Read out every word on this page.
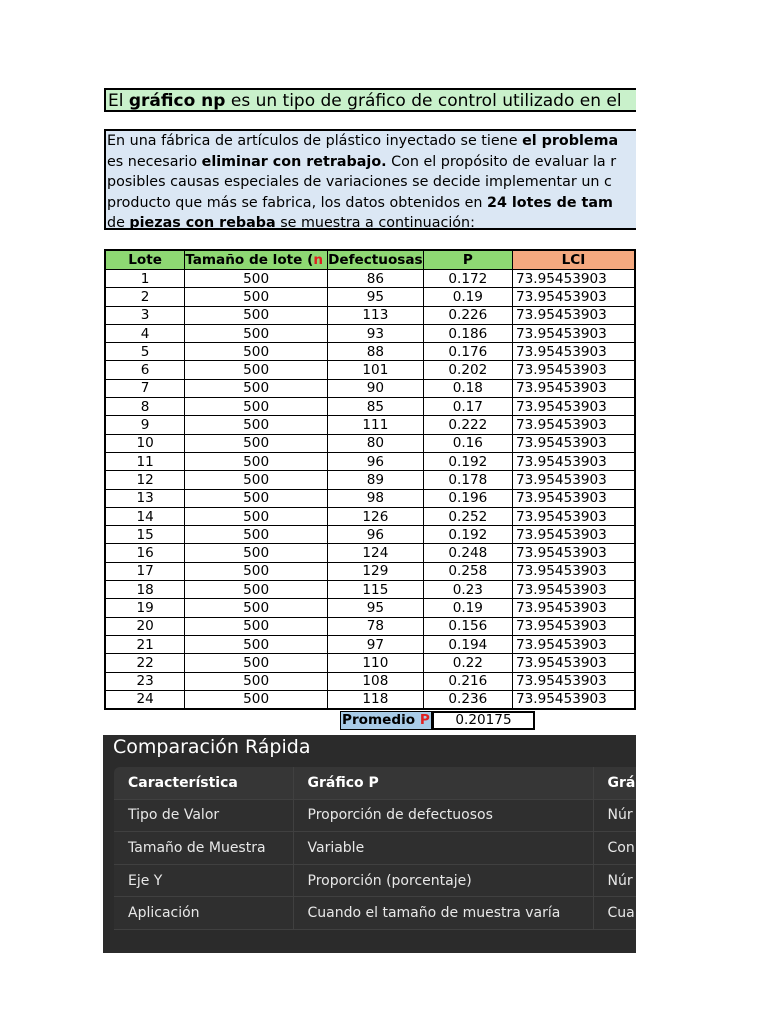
El gráfico np es un tipo de gráfico de control utilizado en el
En una fábrica de artículos de plástico inyectado se tiene el problema
es necesario eliminar con retrabajo. Con el propósito de evaluar la r
posibles causas especiales de variaciones se decide implementar un c
producto que más se fabrica, los datos obtenidos en 24 lotes de tam
de piezas con rebaba se muestra a continuación:
Lote	Tamaño de lote (n	Defectuosas	P	LCI
1	500	86	0.172	73.95453903
2	500	95	0.19	73.95453903
3	500	113	0.226	73.95453903
4	500	93	0.186	73.95453903
5	500	88	0.176	73.95453903
6	500	101	0.202	73.95453903
7	500	90	0.18	73.95453903
8	500	85	0.17	73.95453903
9	500	111	0.222	73.95453903
10	500	80	0.16	73.95453903
11	500	96	0.192	73.95453903
12	500	89	0.178	73.95453903
13	500	98	0.196	73.95453903
14	500	126	0.252	73.95453903
15	500	96	0.192	73.95453903
16	500	124	0.248	73.95453903
17	500	129	0.258	73.95453903
18	500	115	0.23	73.95453903
19	500	95	0.19	73.95453903
20	500	78	0.156	73.95453903
21	500	97	0.194	73.95453903
22	500	110	0.22	73.95453903
23	500	108	0.216	73.95453903
24	500	118	0.236	73.95453903
Promedio P	0.20175
Comparación Rápida
Característica	Gráfico P	Grá
Tipo de Valor	Proporción de defectuosos	Núr
Tamaño de Muestra	Variable	Con
Eje Y	Proporción (porcentaje)	Núr
Aplicación	Cuando el tamaño de muestra varía	Cua
